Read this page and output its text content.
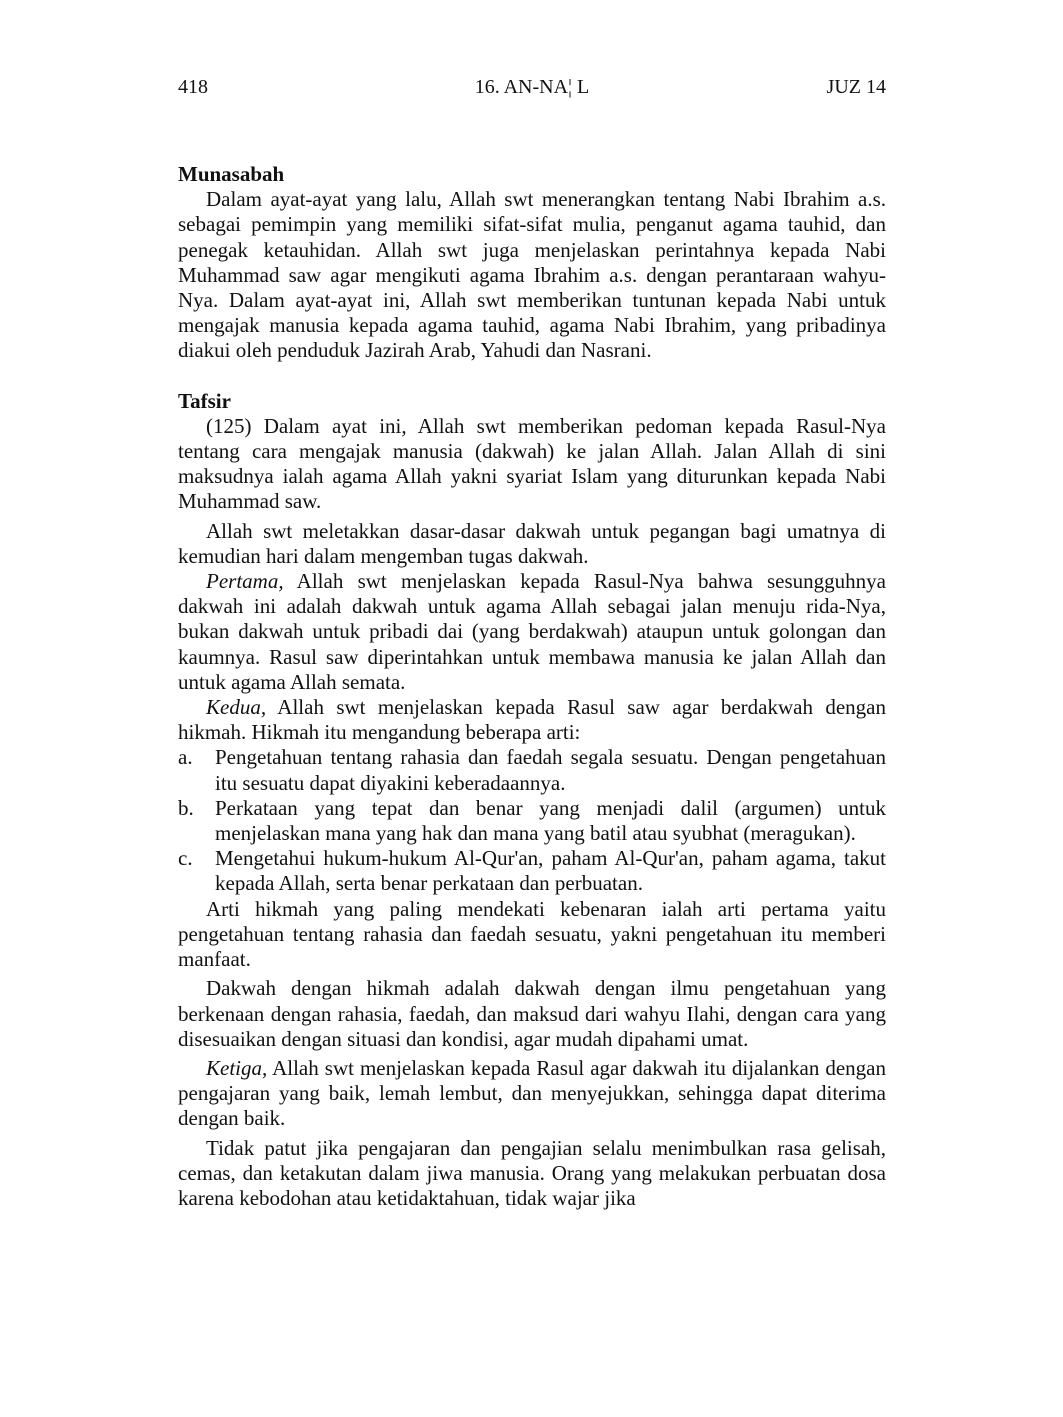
418	16. AN-NA¦ L	JUZ 14
Munasabah

Dalam ayat-ayat yang lalu, Allah swt menerangkan tentang Nabi Ibrahim a.s. sebagai pemimpin yang memiliki sifat-sifat mulia, penganut agama tauhid, dan penegak ketauhidan. Allah swt juga menjelaskan perintahnya kepada Nabi Muhammad saw agar mengikuti agama Ibrahim a.s. dengan perantaraan wahyu-Nya. Dalam ayat-ayat ini, Allah swt memberikan tuntunan kepada Nabi untuk mengajak manusia kepada agama tauhid, agama Nabi Ibrahim, yang pribadinya diakui oleh penduduk Jazirah Arab, Yahudi dan Nasrani.

Tafsir

(125) Dalam ayat ini, Allah swt memberikan pedoman kepada Rasul-Nya tentang cara mengajak manusia (dakwah) ke jalan Allah. Jalan Allah di sini maksudnya ialah agama Allah yakni syariat Islam yang diturunkan kepada Nabi Muhammad saw.

Allah swt meletakkan dasar-dasar dakwah untuk pegangan bagi umatnya di kemudian hari dalam mengemban tugas dakwah.

Pertama, Allah swt menjelaskan kepada Rasul-Nya bahwa sesungguhnya dakwah ini adalah dakwah untuk agama Allah sebagai jalan menuju rida-Nya, bukan dakwah untuk pribadi dai (yang berdakwah) ataupun untuk golongan dan kaumnya. Rasul saw diperintahkan untuk membawa manusia ke jalan Allah dan untuk agama Allah semata.

Kedua, Allah swt menjelaskan kepada Rasul saw agar berdakwah dengan hikmah. Hikmah itu mengandung beberapa arti:

a. Pengetahuan tentang rahasia dan faedah segala sesuatu. Dengan pengetahuan itu sesuatu dapat diyakini keberadaannya.
b. Perkataan yang tepat dan benar yang menjadi dalil (argumen) untuk menjelaskan mana yang hak dan mana yang batil atau syubhat (meragukan).
c. Mengetahui hukum-hukum Al-Qur'an, paham Al-Qur'an, paham agama, takut kepada Allah, serta benar perkataan dan perbuatan.

Arti hikmah yang paling mendekati kebenaran ialah arti pertama yaitu pengetahuan tentang rahasia dan faedah sesuatu, yakni pengetahuan itu memberi manfaat.

Dakwah dengan hikmah adalah dakwah dengan ilmu pengetahuan yang berkenaan dengan rahasia, faedah, dan maksud dari wahyu Ilahi, dengan cara yang disesuaikan dengan situasi dan kondisi, agar mudah dipahami umat.

Ketiga, Allah swt menjelaskan kepada Rasul agar dakwah itu dijalankan dengan pengajaran yang baik, lemah lembut, dan menyejukkan, sehingga dapat diterima dengan baik.

Tidak patut jika pengajaran dan pengajian selalu menimbulkan rasa gelisah, cemas, dan ketakutan dalam jiwa manusia. Orang yang melakukan perbuatan dosa karena kebodohan atau ketidaktahuan, tidak wajar jika
